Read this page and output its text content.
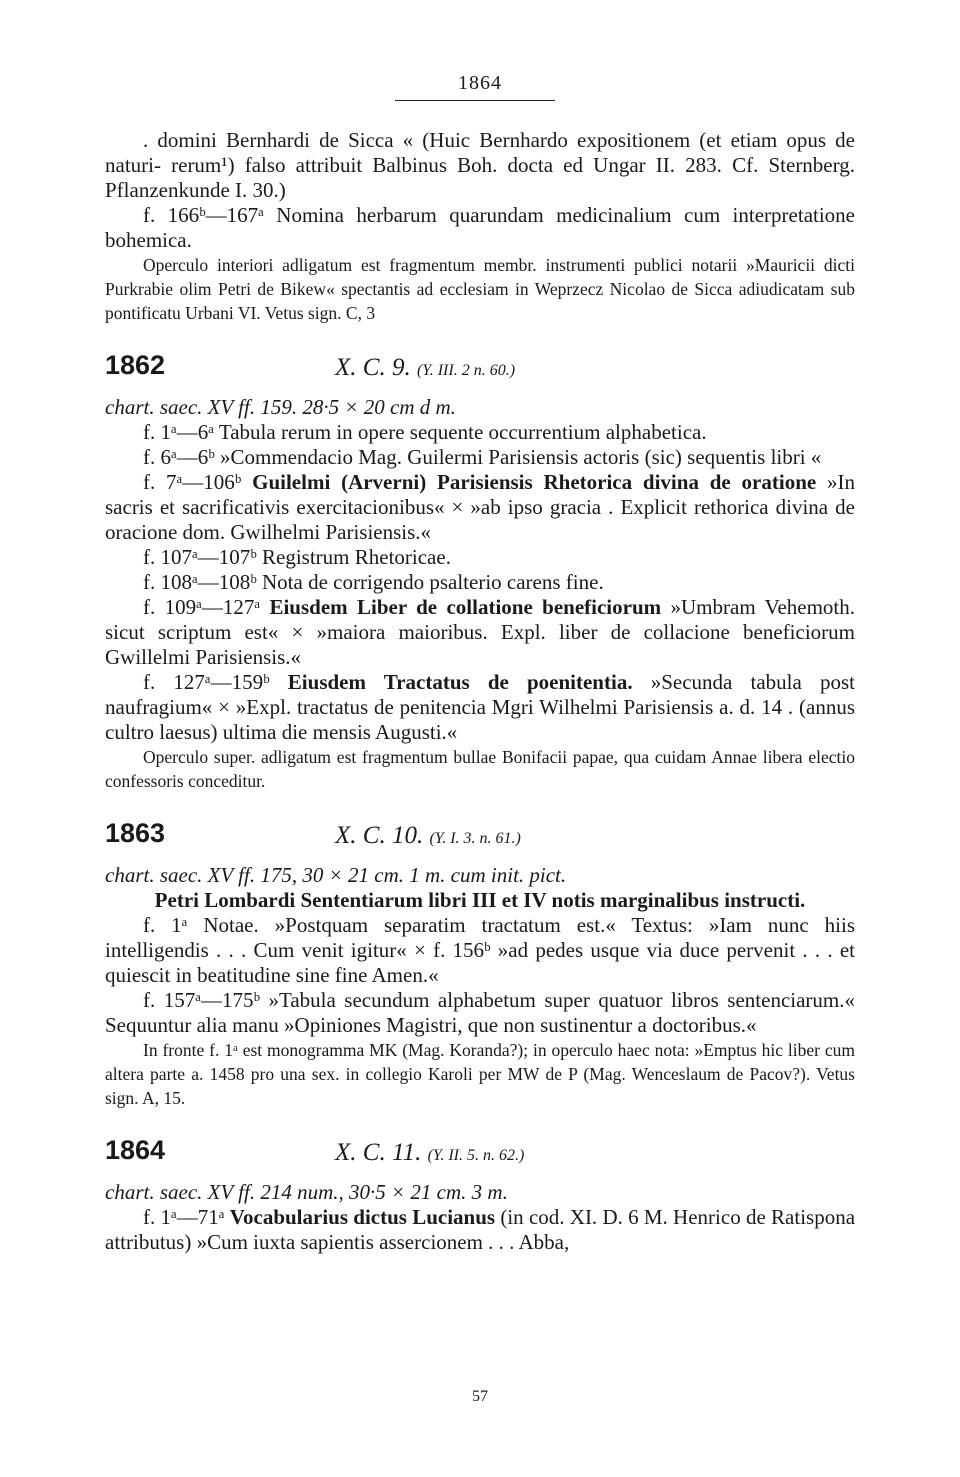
1864

. domini Bernhardi de Sicca « (Huic Bernhardo expositionem (et etiam opus de naturi- rerum¹) falso attribuit Balbinus Boh. docta ed Ungar II. 283. Cf. Sternberg. Pflanzenkunde I. 30.)

f. 166ᵇ—167ᵃ Nomina herbarum quarundam medicinalium cum interpretatione bohemica.

Operculo interiori adligatum est fragmentum membr. instrumenti publici notarii »Mauricii dicti Purkrabie olim Petri de Bikew« spectantis ad ecclesiam in Weprzecz Nicolao de Sicca adiudicatam sub pontificatu Urbani VI. Vetus sign. C, 3

1862	X. C. 9. (Y. III. 2 n. 60.)

chart. saec. XV ff. 159. 28·5 × 20 cm d m.

f. 1ᵃ—6ᵃ Tabula rerum in opere sequente occurrentium alphabetica.

f. 6ᵃ—6ᵇ »Commendacio Mag. Guilermi Parisiensis actoris (sic) sequentis libri «

f. 7ᵃ—106ᵇ Guilelmi (Arverni) Parisiensis Rhetorica divina de oratione »In sacris et sacrificativis exercitacionibus« × »ab ipso gracia . Explicit rethorica divina de oracione dom. Gwilhelmi Parisiensis.«

f. 107ᵃ—107ᵇ Registrum Rhetoricae.

f. 108ᵃ—108ᵇ Nota de corrigendo psalterio carens fine.

f. 109ᵃ—127ᵃ Eiusdem Liber de collatione beneficiorum »Umbram Vehemoth. sicut scriptum est« × »maiora maioribus. Expl. liber de collacione beneficiorum Gwillelmi Parisiensis.«

f. 127ᵃ—159ᵇ Eiusdem Tractatus de poenitentia. »Secunda tabula post naufragium« × »Expl. tractatus de penitencia Mgri Wilhelmi Parisiensis a. d. 14 . (annus cultro laesus) ultima die mensis Augusti.«

Operculo super. adligatum est fragmentum bullae Bonifacii papae, qua cuidam Annae libera electio confessoris conceditur.

1863	X. C. 10. (Y. I. 3. n. 61.)

chart. saec. XV ff. 175, 30 × 21 cm. 1 m. cum init. pict.

Petri Lombardi Sententiarum libri III et IV notis marginalibus instructi.

f. 1ᵃ Notae. »Postquam separatim tractatum est.« Textus: »Iam nunc hiis intelligendis . . . Cum venit igitur« × f. 156ᵇ »ad pedes usque via duce pervenit . . . et quiescit in beatitudine sine fine Amen.«

f. 157ᵃ—175ᵇ »Tabula secundum alphabetum super quatuor libros sentenciarum.« Sequuntur alia manu »Opiniones Magistri, que non sustinentur a doctoribus.«

In fronte f. 1ᵃ est monogramma MK (Mag. Koranda?); in operculo haec nota: »Emptus hic liber cum altera parte a. 1458 pro una sex. in collegio Karoli per MW de P (Mag. Wenceslaum de Pacov?). Vetus sign. A, 15.

1864	X. C. 11. (Y. II. 5. n. 62.)

chart. saec. XV ff. 214 num., 30·5 × 21 cm. 3 m.

f. 1ᵃ—71ᵃ Vocabularius dictus Lucianus (in cod. XI. D. 6 M. Henrico de Ratispona attributus) »Cum iuxta sapientis assercionem . . . Abba,

57
